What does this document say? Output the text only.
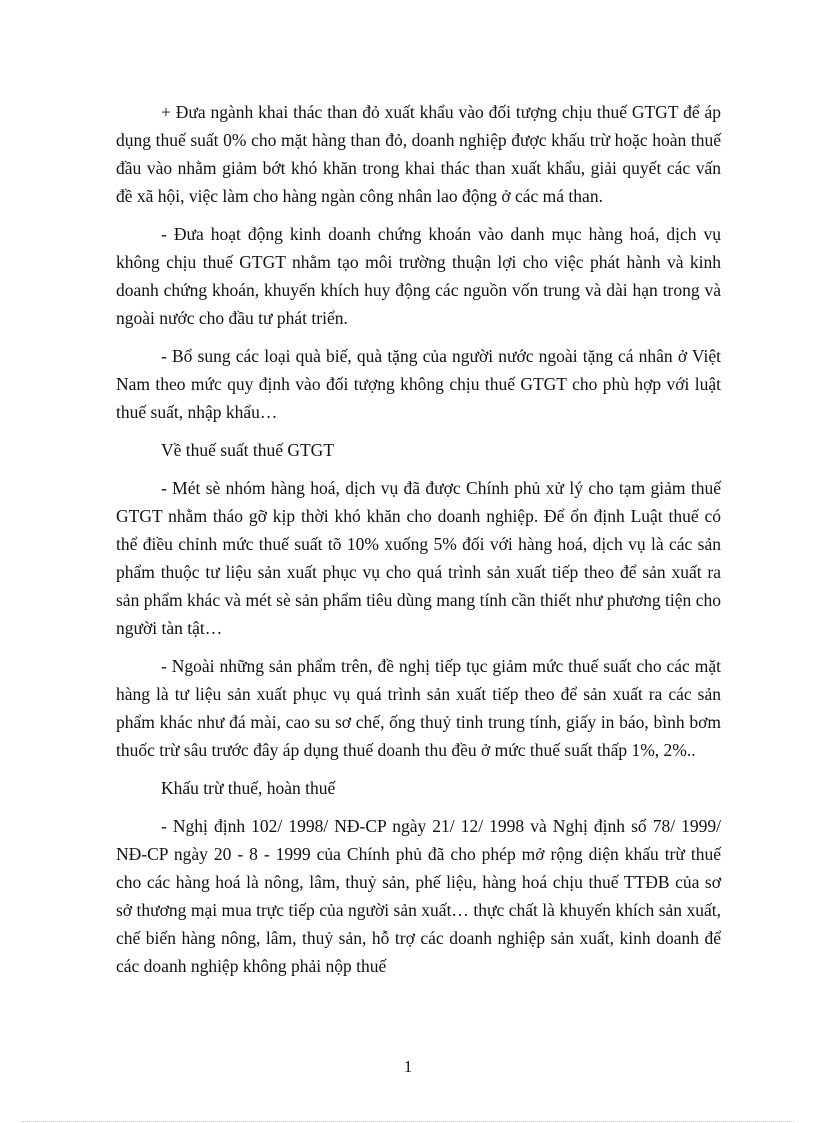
+ Đưa ngành khai thác than đỏ xuất khẩu vào đối tượng chịu thuế GTGT để áp dụng thuế suất 0% cho mặt hàng than đỏ, doanh nghiệp được khấu trừ hoặc hoàn thuế đầu vào nhằm giảm bớt khó khăn trong khai thác than xuất khẩu, giải quyết các vấn đề xã hội, việc làm cho hàng ngàn công nhân lao động ở các má than.

- Đưa hoạt động kinh doanh chứng khoán vào danh mục hàng hoá, dịch vụ không chịu thuế GTGT nhằm tạo môi trường thuận lợi cho việc phát hành và kinh doanh chứng khoán, khuyến khích huy động các nguồn vốn trung và dài hạn trong và ngoài nước cho đầu tư phát triển.

- Bổ sung các loại quà biế, quà tặng của người nước ngoài tặng cá nhân ở Việt Nam theo mức quy định vào đối tượng không chịu thuế GTGT cho phù hợp với luật thuế suất, nhập khẩu…

Về thuế suất thuế GTGT

- Mét sè nhóm hàng hoá, dịch vụ đã được Chính phủ xử lý cho tạm giảm thuế GTGT nhằm tháo gỡ kịp thời khó khăn cho doanh nghiệp. Để ổn định Luật thuế có thể điều chỉnh mức thuế suất tõ 10% xuống 5% đối với hàng hoá, dịch vụ là các sản phẩm thuộc tư liệu sản xuất phục vụ cho quá trình sản xuất tiếp theo để sản xuất ra sản phẩm khác và mét sè sản phẩm tiêu dùng mang tính cần thiết như phương tiện cho người tàn tật…

- Ngoài những sản phẩm trên, đề nghị tiếp tục giảm mức thuế suất cho các mặt hàng là tư liệu sản xuất phục vụ quá trình sản xuất tiếp theo để sản xuất ra các sản phẩm khác như đá mài, cao su sơ chế, ống thuỷ tinh trung tính, giấy in báo, bình bơm thuốc trừ sâu trước đây áp dụng thuế doanh thu đều ở mức thuế suất thấp 1%, 2%..

Khấu trừ thuế, hoàn thuế

- Nghị định 102/ 1998/ NĐ-CP ngày 21/ 12/ 1998 và Nghị định số 78/ 1999/ NĐ-CP ngày 20 - 8 - 1999 của Chính phủ đã cho phép mở rộng diện khấu trừ thuế cho các hàng hoá là nông, lâm, thuỷ sản, phế liệu, hàng hoá chịu thuế TTĐB của sơ sở thương mại mua trực tiếp của người sản xuất… thực chất là khuyến khích sản xuất, chế biến hàng nông, lâm, thuỷ sản, hỗ trợ các doanh nghiệp sản xuất, kinh doanh để các doanh nghiệp không phải nộp thuế

1
